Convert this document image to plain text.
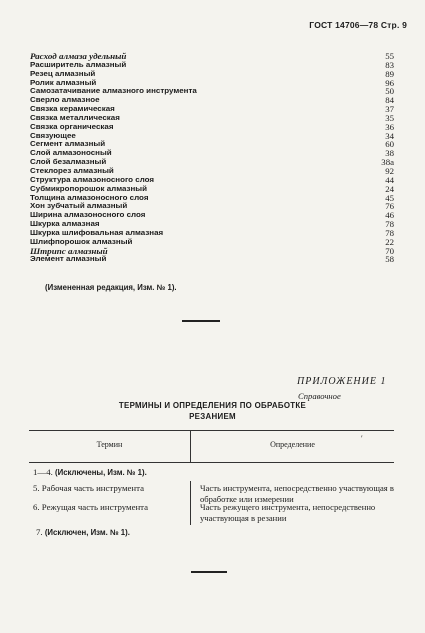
ГОСТ 14706—78 Стр. 9
Расход алмаза удельный	55
Расширитель алмазный	83
Резец алмазный	89
Ролик алмазный	96
Самозатачивание алмазного инструмента	50
Сверло алмазное	84
Связка керамическая	37
Связка металлическая	35
Связка органическая	36
Связующее	34
Сегмент алмазный	60
Слой алмазоносный	38
Слой безалмазный	38а
Стеклорез алмазный	92
Структура алмазоносного слоя	44
Субмикропорошок алмазный	24
Толщина алмазоносного слоя	45
Хон зубчатый алмазный	76
Ширина алмазоносного слоя	46
Шкурка алмазная	78
Шкурка шлифовальная алмазная	78
Шлифпорошок алмазный	22
Штрипс алмазный	70
Элемент алмазный	58
(Измененная редакция, Изм. № 1).
ПРИЛОЖЕНИЕ 1
Справочное
ТЕРМИНЫ И ОПРЕДЕЛЕНИЯ ПО ОБРАБОТКЕ
РЕЗАНИЕМ
Термин	Определение
′
1—4. (Исключены, Изм. № 1).
5. Рабочая часть инструмента	Часть инструмента, непосредственно участвующая в обработке или измерении
6. Режущая часть инструмента	Часть режущего инструмента, непосредственно участвующая в резании
7. (Исключен, Изм. № 1).
